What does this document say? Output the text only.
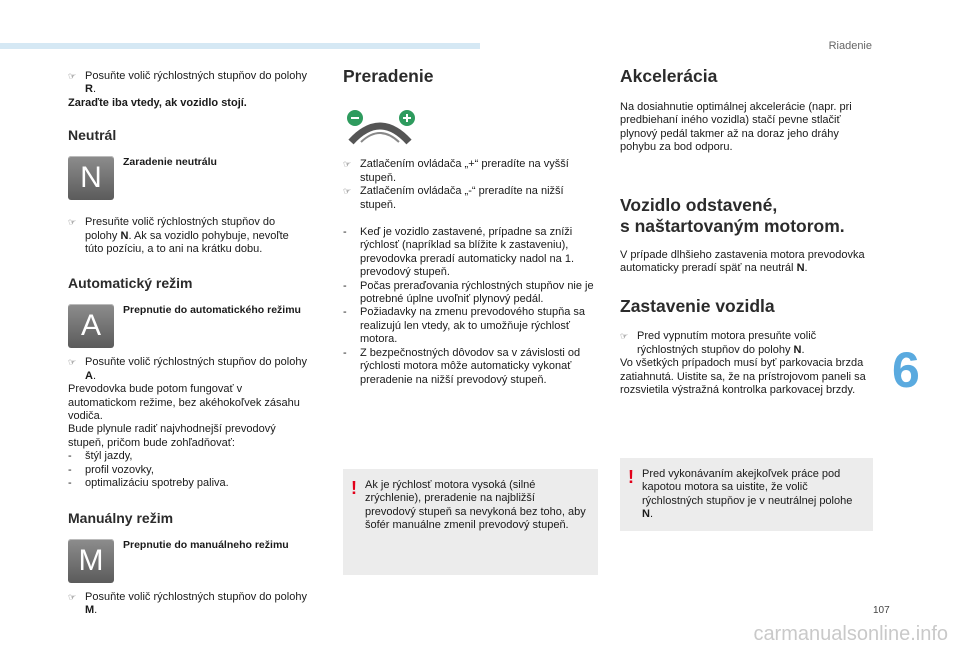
Riadenie
☞ Posuňte volič rýchlostných stupňov do polohy R.

Zaraďte iba vtedy, ak vozidlo stojí.

Neutrál
N	Zaradenie neutrálu
☞ Presuňte volič rýchlostných stupňov do polohy N. Ak sa vozidlo pohybuje, nevoľte túto pozíciu, a to ani na krátku dobu.

Automatický režim
A	Prepnutie do automatického režimu
☞ Posuňte volič rýchlostných stupňov do polohy A.

Prevodovka bude potom fungovať v automatickom režime, bez akéhokoľvek zásahu vodiča.

Bude plynule radiť najvhodnejší prevodový stupeň, pričom bude zohľadňovať:

-	štýl jazdy,
-	profil vozovky,
-	optimalizáciu spotreby paliva.
Manuálny režim
M	Prepnutie do manuálneho režimu
☞ Posuňte volič rýchlostných stupňov do polohy M.

Preradenie
☞ Zatlačením ovládača „+“ preradíte na vyšší stupeň.

☞ Zatlačením ovládača „-“ preradíte na nižší stupeň.

-	Keď je vozidlo zastavené, prípadne sa zníži rýchlosť (napríklad sa blížite k zastaveniu), prevodovka preradí automaticky nadol na 1. prevodový stupeň.
-	Počas preraďovania rýchlostných stupňov nie je potrebné úplne uvoľniť plynový pedál.
-	Požiadavky na zmenu prevodového stupňa sa realizujú len vtedy, ak to umožňuje rýchlosť motora.
-	Z bezpečnostných dôvodov sa v závislosti od rýchlosti motora môže automaticky vykonať preradenie na nižší prevodový stupeň.
! Ak je rýchlosť motora vysoká (silné zrýchlenie), preradenie na najbližší prevodový stupeň sa nevykoná bez toho, aby šofér manuálne zmenil prevodový stupeň.

Akcelerácia

Na dosiahnutie optimálnej akcelerácie (napr. pri predbiehaní iného vozidla) stačí pevne stlačiť plynový pedál takmer až na doraz jeho dráhy pohybu za bod odporu.

Vozidlo odstavené,
s naštartovaným motorom.

V prípade dlhšieho zastavenia motora prevodovka automaticky preradí späť na neutrál N.

Zastavenie vozidla
☞ Pred vypnutím motora presuňte volič rýchlostných stupňov do polohy N.

Vo všetkých prípadoch musí byť parkovacia brzda zatiahnutá. Uistite sa, že na prístrojovom paneli sa rozsvietila výstražná kontrolka parkovacej brzdy.

! Pred vykonávaním akejkoľvek práce pod kapotou motora sa uistite, že volič rýchlostných stupňov je v neutrálnej polohe N.

6
107
carmanualsonline.info
